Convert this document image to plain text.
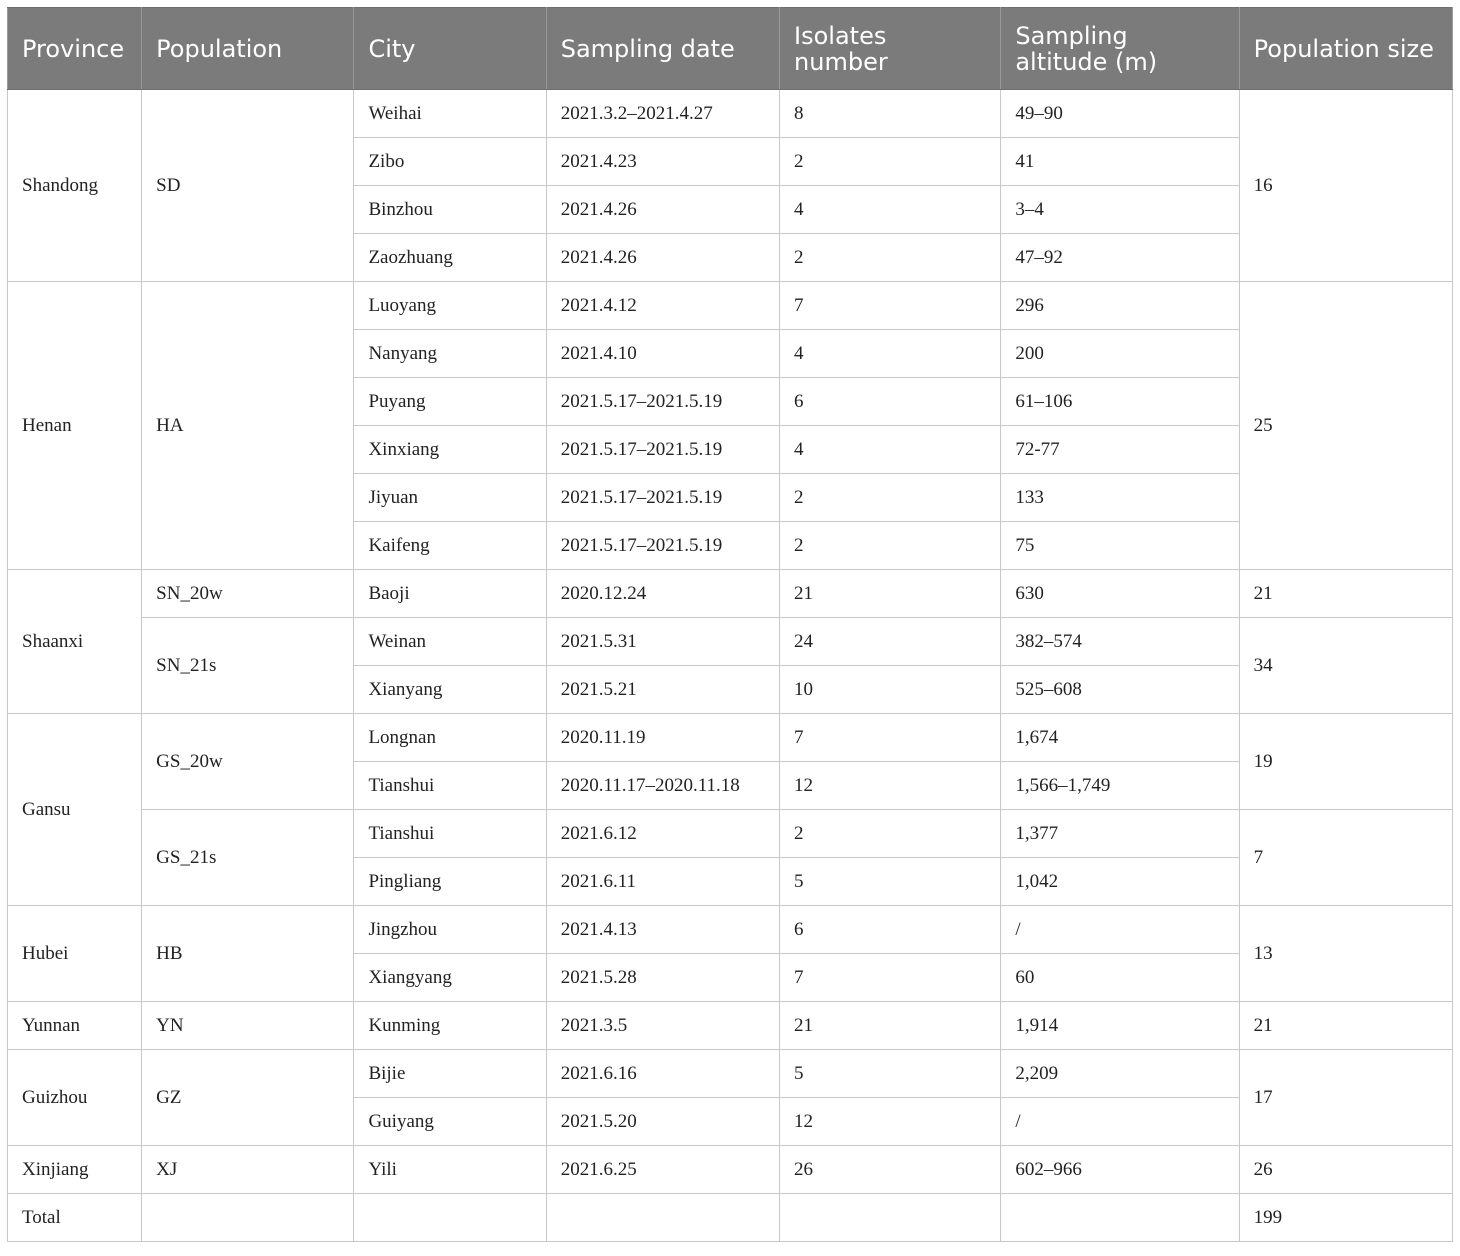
Province	Population	City	Sampling date	Isolates number	Sampling altitude (m)	Population size
Shandong	SD	Weihai	2021.3.2–2021.4.27	8	49–90	16
		Zibo	2021.4.23	2	41	
		Binzhou	2021.4.26	4	3–4	
		Zaozhuang	2021.4.26	2	47–92	
Henan	HA	Luoyang	2021.4.12	7	296	25
		Nanyang	2021.4.10	4	200	
		Puyang	2021.5.17–2021.5.19	6	61–106	
		Xinxiang	2021.5.17–2021.5.19	4	72-77	
		Jiyuan	2021.5.17–2021.5.19	2	133	
		Kaifeng	2021.5.17–2021.5.19	2	75	
Shaanxi	SN_20w	Baoji	2020.12.24	21	630	21
	SN_21s	Weinan	2021.5.31	24	382–574	34
		Xianyang	2021.5.21	10	525–608	
Gansu	GS_20w	Longnan	2020.11.19	7	1,674	19
		Tianshui	2020.11.17–2020.11.18	12	1,566–1,749	
	GS_21s	Tianshui	2021.6.12	2	1,377	7
		Pingliang	2021.6.11	5	1,042	
Hubei	HB	Jingzhou	2021.4.13	6	/	13
		Xiangyang	2021.5.28	7	60	
Yunnan	YN	Kunming	2021.3.5	21	1,914	21
Guizhou	GZ	Bijie	2021.6.16	5	2,209	17
		Guiyang	2021.5.20	12	/	
Xinjiang	XJ	Yili	2021.6.25	26	602–966	26
Total						199
